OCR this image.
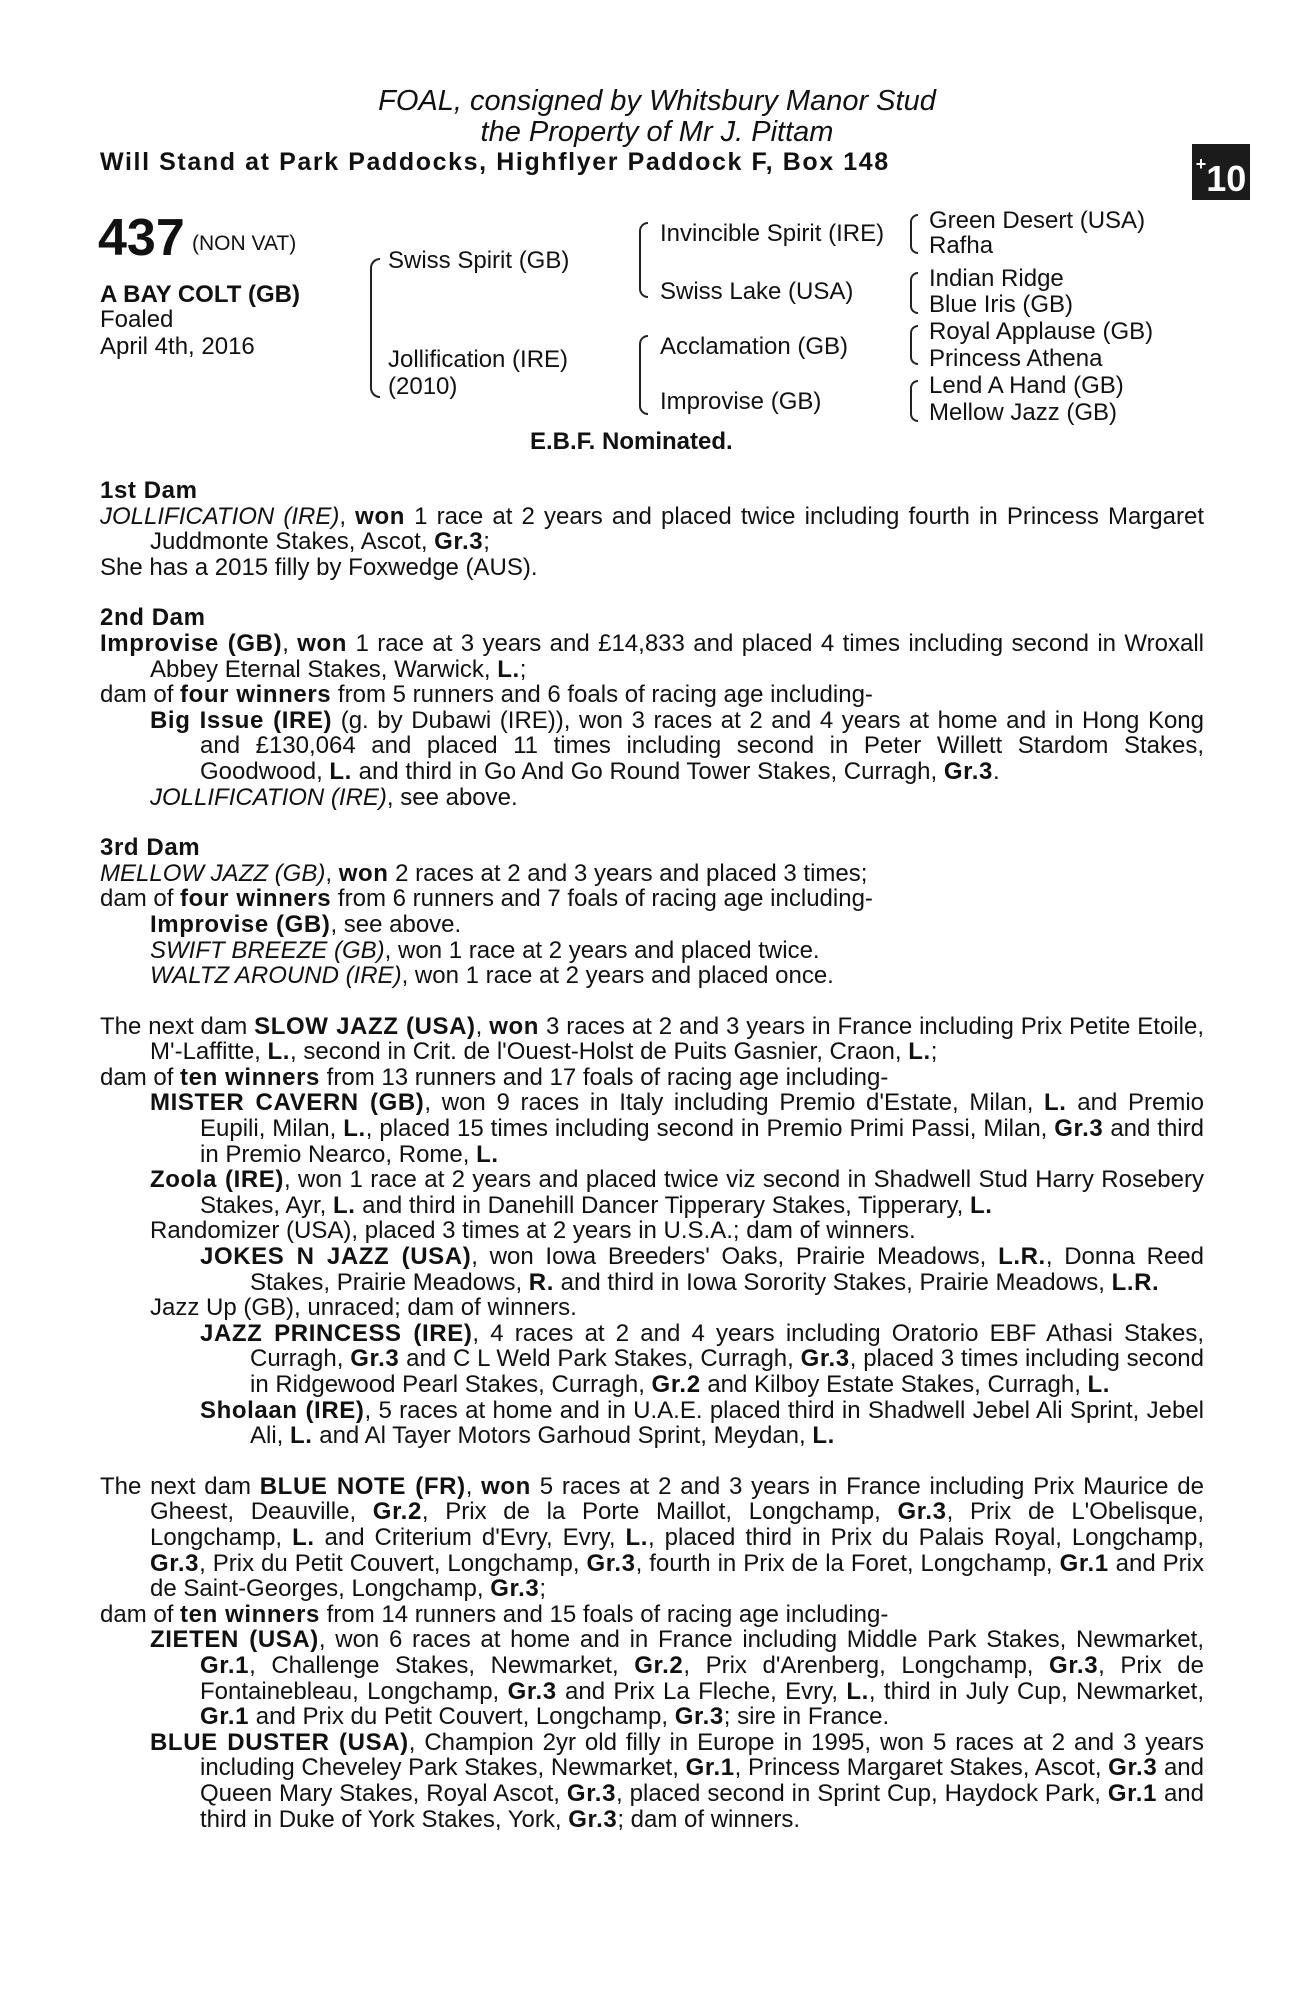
FOAL, consigned by Whitsbury Manor Stud
the Property of Mr J. Pittam
Will Stand at Park Paddocks, Highflyer Paddock F, Box 148	+10
437 (NON VAT)
A BAY COLT (GB)
Foaled
April 4th, 2016
Swiss Spirit (GB)
Jollification (IRE)
(2010)
Invincible Spirit (IRE)
Swiss Lake (USA)
Acclamation (GB)
Improvise (GB)
Green Desert (USA)
Rafha
Indian Ridge
Blue Iris (GB)
Royal Applause (GB)
Princess Athena
Lend A Hand (GB)
Mellow Jazz (GB)
E.B.F. Nominated.

1st Dam

JOLLIFICATION (IRE), won 1 race at 2 years and placed twice including fourth in Princess Margaret Juddmonte Stakes, Ascot, Gr.3;

She has a 2015 filly by Foxwedge (AUS).

2nd Dam

Improvise (GB), won 1 race at 3 years and £14,833 and placed 4 times including second in Wroxall Abbey Eternal Stakes, Warwick, L.;

dam of four winners from 5 runners and 6 foals of racing age including-

Big Issue (IRE) (g. by Dubawi (IRE)), won 3 races at 2 and 4 years at home and in Hong Kong and £130,064 and placed 11 times including second in Peter Willett Stardom Stakes, Goodwood, L. and third in Go And Go Round Tower Stakes, Curragh, Gr.3.

JOLLIFICATION (IRE), see above.

3rd Dam

MELLOW JAZZ (GB), won 2 races at 2 and 3 years and placed 3 times;

dam of four winners from 6 runners and 7 foals of racing age including-

Improvise (GB), see above.

SWIFT BREEZE (GB), won 1 race at 2 years and placed twice.

WALTZ AROUND (IRE), won 1 race at 2 years and placed once.

The next dam SLOW JAZZ (USA), won 3 races at 2 and 3 years in France including Prix Petite Etoile, M'-Laffitte, L., second in Crit. de l'Ouest-Holst de Puits Gasnier, Craon, L.;

dam of ten winners from 13 runners and 17 foals of racing age including-

MISTER CAVERN (GB), won 9 races in Italy including Premio d'Estate, Milan, L. and Premio Eupili, Milan, L., placed 15 times including second in Premio Primi Passi, Milan, Gr.3 and third in Premio Nearco, Rome, L.

Zoola (IRE), won 1 race at 2 years and placed twice viz second in Shadwell Stud Harry Rosebery Stakes, Ayr, L. and third in Danehill Dancer Tipperary Stakes, Tipperary, L.

Randomizer (USA), placed 3 times at 2 years in U.S.A.; dam of winners.

JOKES N JAZZ (USA), won Iowa Breeders' Oaks, Prairie Meadows, L.R., Donna Reed Stakes, Prairie Meadows, R. and third in Iowa Sorority Stakes, Prairie Meadows, L.R.

Jazz Up (GB), unraced; dam of winners.

JAZZ PRINCESS (IRE), 4 races at 2 and 4 years including Oratorio EBF Athasi Stakes, Curragh, Gr.3 and C L Weld Park Stakes, Curragh, Gr.3, placed 3 times including second in Ridgewood Pearl Stakes, Curragh, Gr.2 and Kilboy Estate Stakes, Curragh, L.

Sholaan (IRE), 5 races at home and in U.A.E. placed third in Shadwell Jebel Ali Sprint, Jebel Ali, L. and Al Tayer Motors Garhoud Sprint, Meydan, L.

The next dam BLUE NOTE (FR), won 5 races at 2 and 3 years in France including Prix Maurice de Gheest, Deauville, Gr.2, Prix de la Porte Maillot, Longchamp, Gr.3, Prix de L'Obelisque, Longchamp, L. and Criterium d'Evry, Evry, L., placed third in Prix du Palais Royal, Longchamp, Gr.3, Prix du Petit Couvert, Longchamp, Gr.3, fourth in Prix de la Foret, Longchamp, Gr.1 and Prix de Saint-Georges, Longchamp, Gr.3;

dam of ten winners from 14 runners and 15 foals of racing age including-

ZIETEN (USA), won 6 races at home and in France including Middle Park Stakes, Newmarket, Gr.1, Challenge Stakes, Newmarket, Gr.2, Prix d'Arenberg, Longchamp, Gr.3, Prix de Fontainebleau, Longchamp, Gr.3 and Prix La Fleche, Evry, L., third in July Cup, Newmarket, Gr.1 and Prix du Petit Couvert, Longchamp, Gr.3; sire in France.

BLUE DUSTER (USA), Champion 2yr old filly in Europe in 1995, won 5 races at 2 and 3 years including Cheveley Park Stakes, Newmarket, Gr.1, Princess Margaret Stakes, Ascot, Gr.3 and Queen Mary Stakes, Royal Ascot, Gr.3, placed second in Sprint Cup, Haydock Park, Gr.1 and third in Duke of York Stakes, York, Gr.3; dam of winners.
